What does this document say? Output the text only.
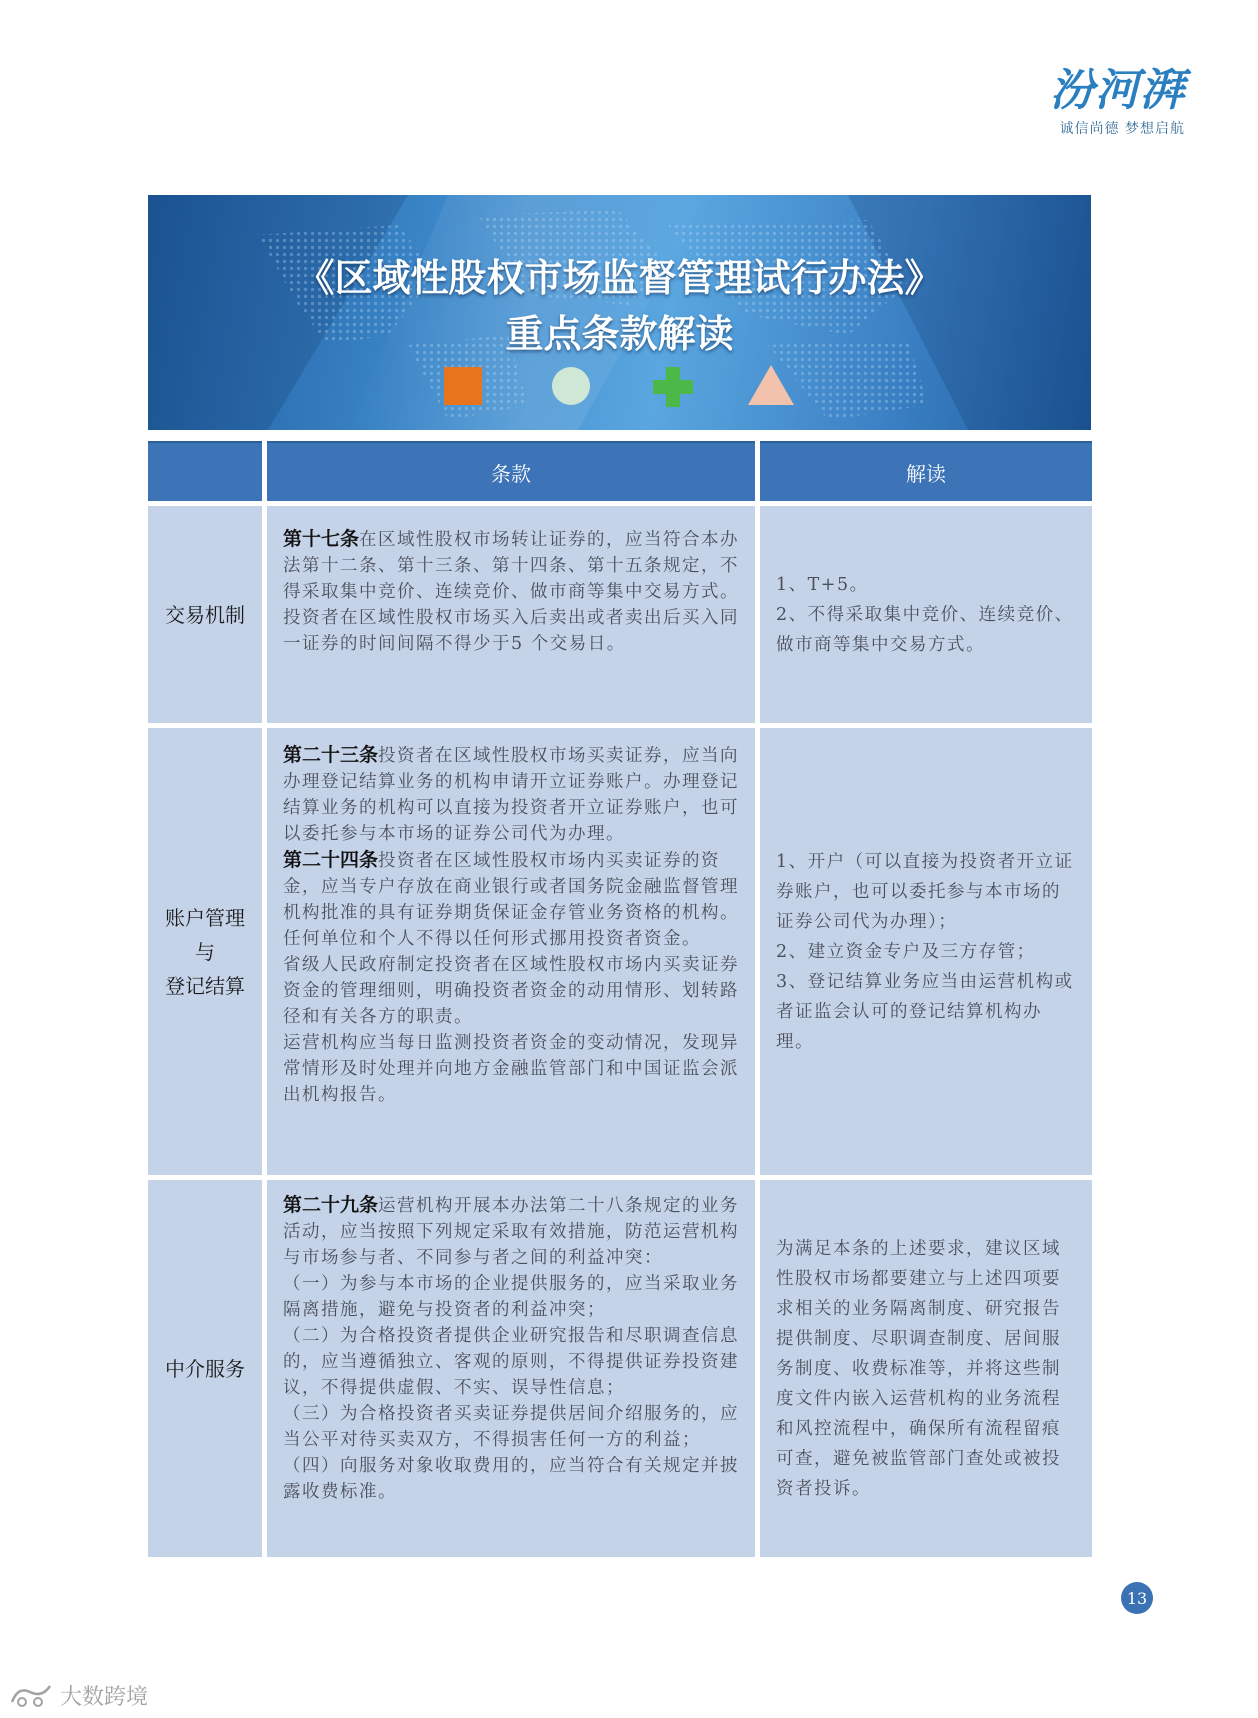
汾河湃
诚信尚德 梦想启航
《区域性股权市场监督管理试行办法》
重点条款解读
条款	解读
交易机制

第十七条在区域性股权市场转让证券的，应当符合本办法第十二条、第十三条、第十四条、第十五条规定，不得采取集中竞价、连续竞价、做市商等集中交易方式。

投资者在区域性股权市场买入后卖出或者卖出后买入同一证券的时间间隔不得少于5 个交易日。

1、T+5。

2、不得采取集中竞价、连续竞价、做市商等集中交易方式。

账户管理
与
登记结算

第二十三条投资者在区域性股权市场买卖证券，应当向办理登记结算业务的机构申请开立证券账户。办理登记结算业务的机构可以直接为投资者开立证券账户，也可以委托参与本市场的证券公司代为办理。

第二十四条投资者在区域性股权市场内买卖证券的资金，应当专户存放在商业银行或者国务院金融监督管理机构批准的具有证券期货保证金存管业务资格的机构。任何单位和个人不得以任何形式挪用投资者资金。

省级人民政府制定投资者在区域性股权市场内买卖证券资金的管理细则，明确投资者资金的动用情形、划转路径和有关各方的职责。

运营机构应当每日监测投资者资金的变动情况，发现异常情形及时处理并向地方金融监管部门和中国证监会派出机构报告。

1、开户（可以直接为投资者开立证券账户，也可以委托参与本市场的证券公司代为办理）；

2、建立资金专户及三方存管；

3、登记结算业务应当由运营机构或者证监会认可的登记结算机构办理。

中介服务

第二十九条运营机构开展本办法第二十八条规定的业务活动，应当按照下列规定采取有效措施，防范运营机构与市场参与者、不同参与者之间的利益冲突：

（一）为参与本市场的企业提供服务的，应当采取业务隔离措施，避免与投资者的利益冲突；

（二）为合格投资者提供企业研究报告和尽职调查信息的，应当遵循独立、客观的原则，不得提供证券投资建议，不得提供虚假、不实、误导性信息；

（三）为合格投资者买卖证券提供居间介绍服务的，应当公平对待买卖双方，不得损害任何一方的利益；

（四）向服务对象收取费用的，应当符合有关规定并披露收费标准。

为满足本条的上述要求，建议区域性股权市场都要建立与上述四项要求相关的业务隔离制度、研究报告提供制度、尽职调查制度、居间服务制度、收费标准等，并将这些制度文件内嵌入运营机构的业务流程和风控流程中，确保所有流程留痕可查，避免被监管部门查处或被投资者投诉。

13
大数跨境
